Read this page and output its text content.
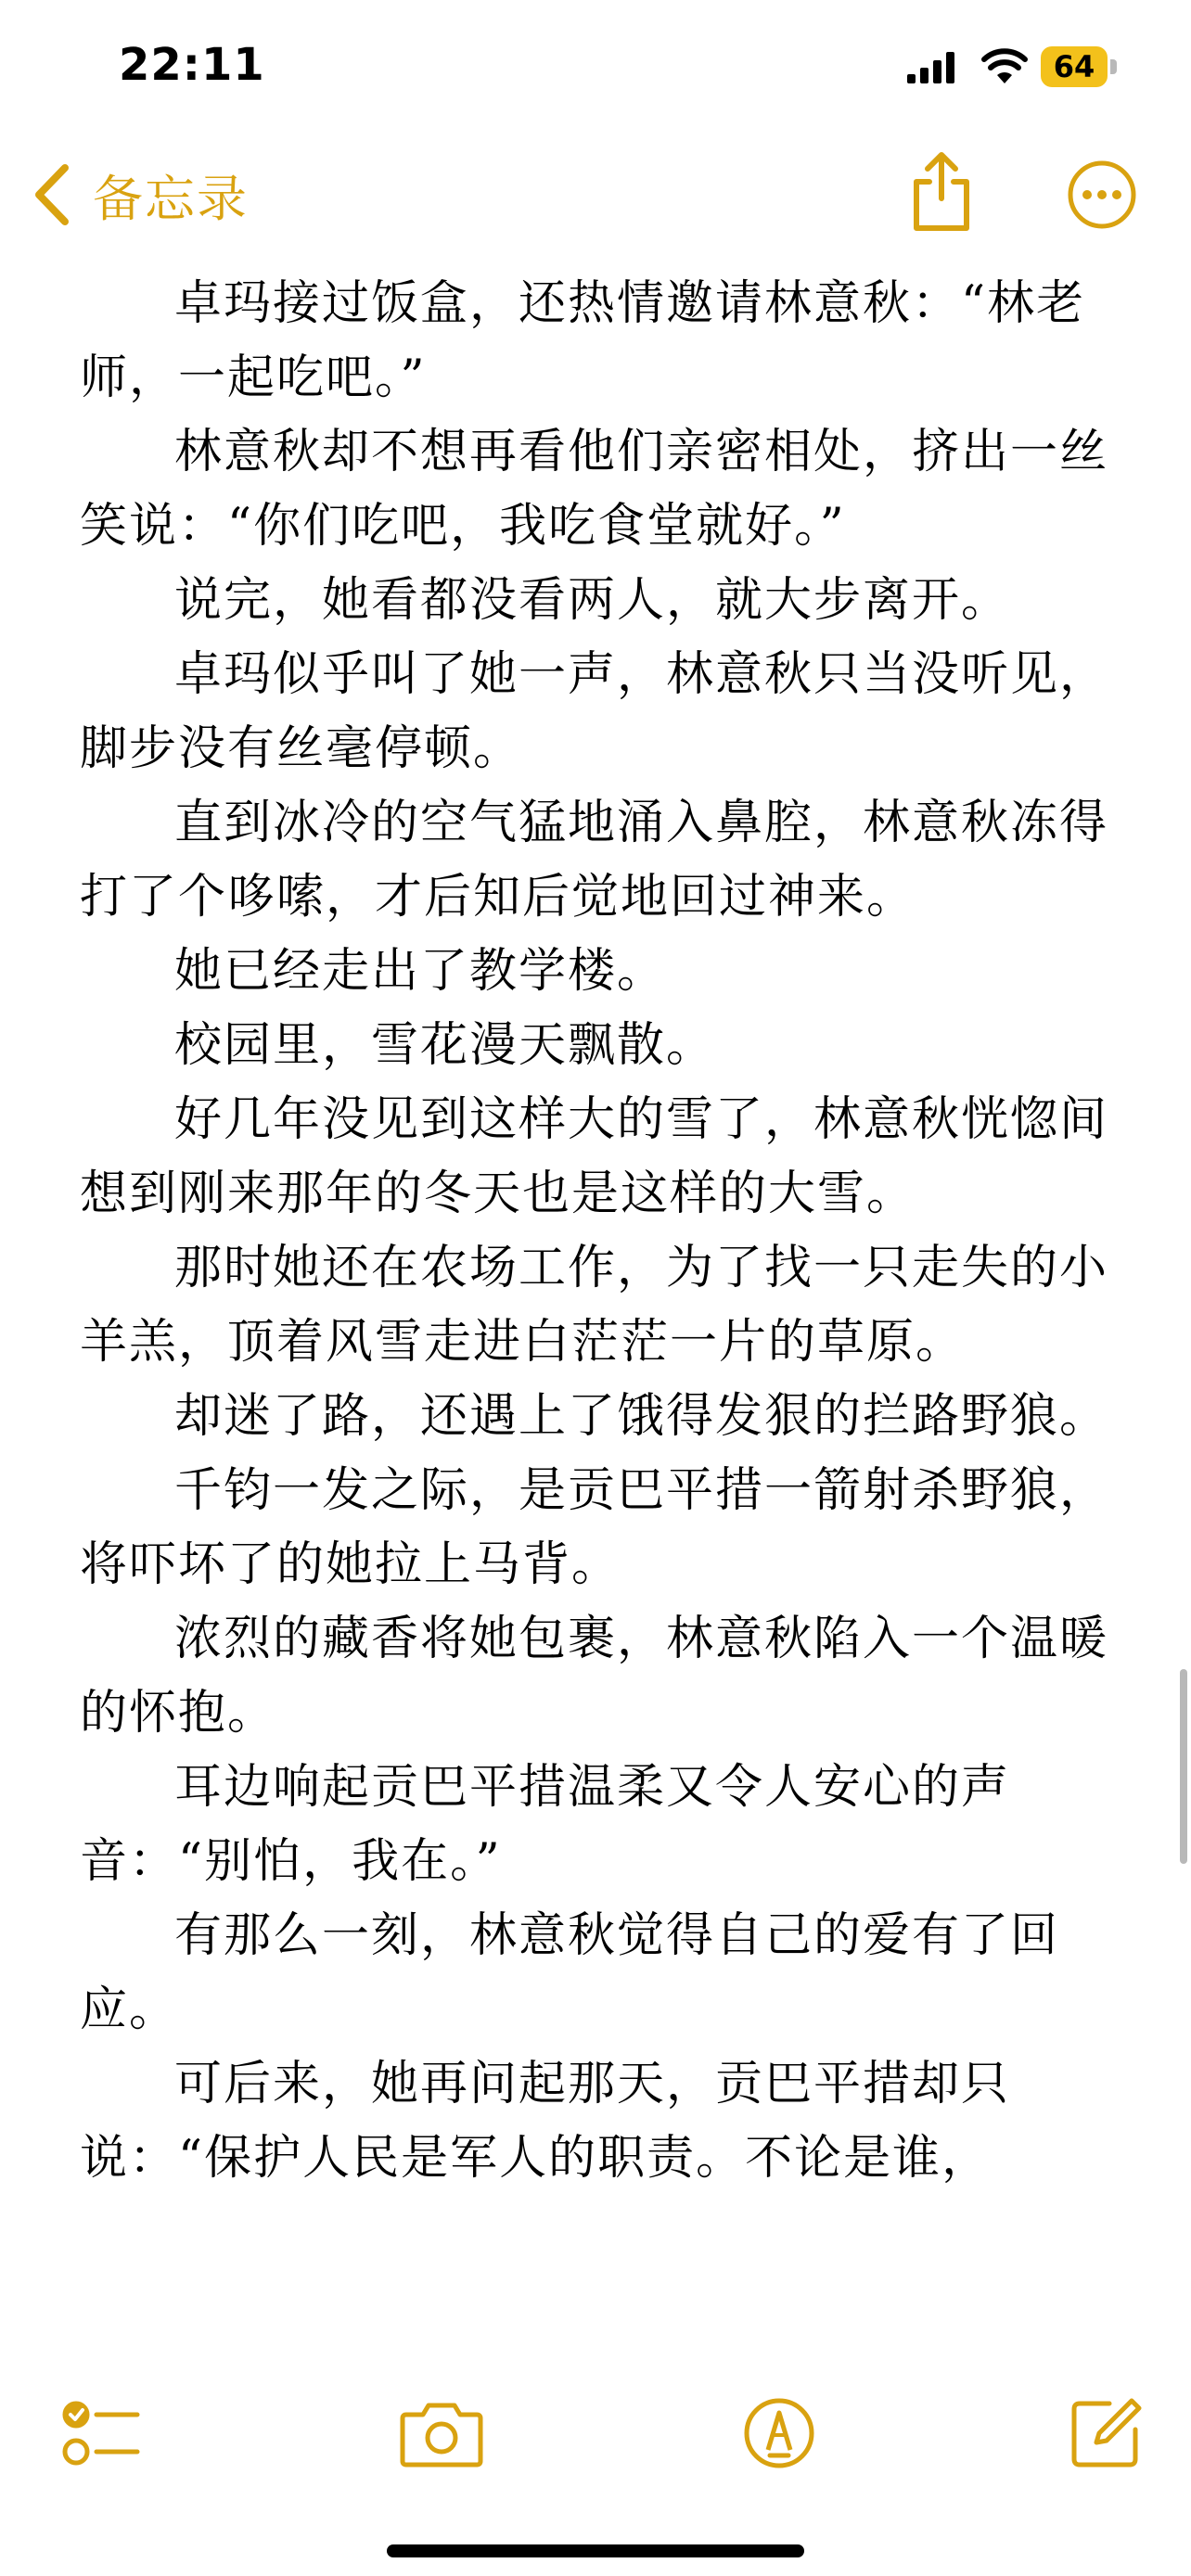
22:11	64
备忘录

卓玛接过饭盒，还热情邀请林意秋：“林老师，一起吃吧。”

林意秋却不想再看他们亲密相处，挤出一丝笑说：“你们吃吧，我吃食堂就好。”

说完，她看都没看两人，就大步离开。

卓玛似乎叫了她一声，林意秋只当没听见，脚步没有丝毫停顿。

直到冰冷的空气猛地涌入鼻腔，林意秋冻得打了个哆嗦，才后知后觉地回过神来。

她已经走出了教学楼。

校园里，雪花漫天飘散。

好几年没见到这样大的雪了，林意秋恍惚间想到刚来那年的冬天也是这样的大雪。

那时她还在农场工作，为了找一只走失的小羊羔，顶着风雪走进白茫茫一片的草原。

却迷了路，还遇上了饿得发狠的拦路野狼。

千钧一发之际，是贡巴平措一箭射杀野狼，将吓坏了的她拉上马背。

浓烈的藏香将她包裹，林意秋陷入一个温暖的怀抱。

耳边响起贡巴平措温柔又令人安心的声音：“别怕，我在。”

有那么一刻，林意秋觉得自己的爱有了回应。

可后来，她再问起那天，贡巴平措却只说：“保护人民是军人的职责。不论是谁，
